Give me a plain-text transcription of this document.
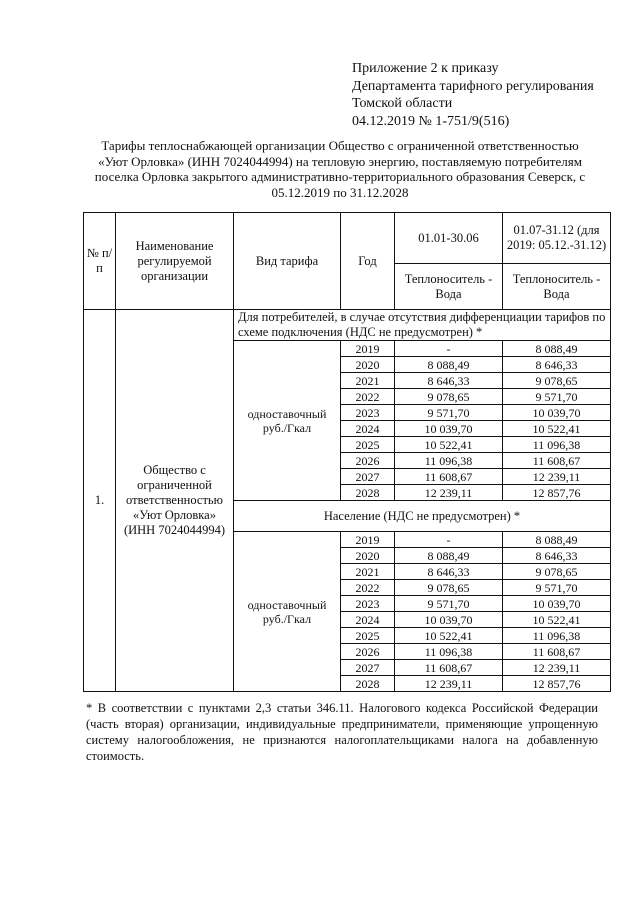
Приложение 2 к приказу
Департамента тарифного регулирования
Томской области
04.12.2019 № 1-751/9(516)
Тарифы теплоснабжающей организации Общество с ограниченной ответственностью
«Уют Орловка» (ИНН 7024044994) на тепловую энергию, поставляемую потребителям
поселка Орловка закрытого административно-территориального образования Северск, с
05.12.2019 по 31.12.2028
№ п/п	Наименование регулируемой организации	Вид тарифа	Год	01.01-30.06	01.07-31.12 (для 2019: 05.12.-31.12)
				Теплоноситель - Вода	Теплоноситель - Вода
1.	Общество с ограниченной ответственностью «Уют Орловка» (ИНН 7024044994)	Для потребителей, в случае отсутствия дифференциации тарифов по схеме подключения (НДС не предусмотрен) *			
		одноставочный руб./Гкал	2019	-	8 088,49
			2020	8 088,49	8 646,33
			2021	8 646,33	9 078,65
			2022	9 078,65	9 571,70
			2023	9 571,70	10 039,70
			2024	10 039,70	10 522,41
			2025	10 522,41	11 096,38
			2026	11 096,38	11 608,67
			2027	11 608,67	12 239,11
			2028	12 239,11	12 857,76
		Население (НДС не предусмотрен) *			
		одноставочный руб./Гкал	2019	-	8 088,49
			2020	8 088,49	8 646,33
			2021	8 646,33	9 078,65
			2022	9 078,65	9 571,70
			2023	9 571,70	10 039,70
			2024	10 039,70	10 522,41
			2025	10 522,41	11 096,38
			2026	11 096,38	11 608,67
			2027	11 608,67	12 239,11
			2028	12 239,11	12 857,76
* В соответствии с пунктами 2,3 статьи 346.11. Налогового кодекса Российской Федерации (часть вторая) организации, индивидуальные предприниматели, применяющие упрощенную систему налогообложения, не признаются налогоплательщиками налога на добавленную стоимость.
